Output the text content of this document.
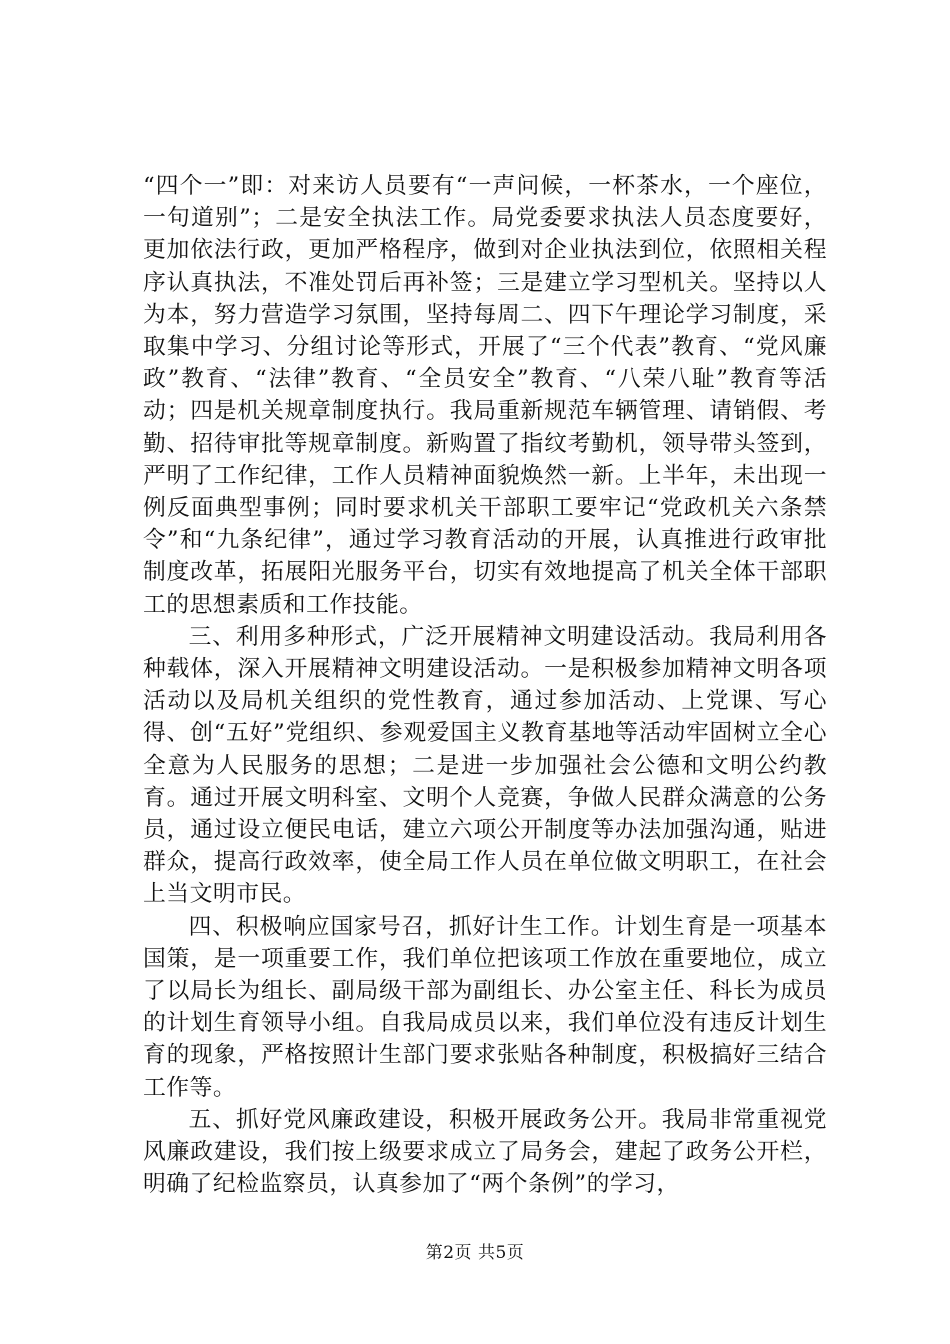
“四个一”即：对来访人员要有“一声问候，一杯茶水，一个座位，一句道别”；二是安全执法工作。局党委要求执法人员态度要好，更加依法行政，更加严格程序，做到对企业执法到位，依照相关程序认真执法，不准处罚后再补签；三是建立学习型机关。坚持以人为本，努力营造学习氛围，坚持每周二、四下午理论学习制度，采取集中学习、分组讨论等形式，开展了“三个代表”教育、“党风廉政”教育、“法律”教育、“全员安全”教育、“八荣八耻”教育等活动；四是机关规章制度执行。我局重新规范车辆管理、请销假、考勤、招待审批等规章制度。新购置了指纹考勤机，领导带头签到，严明了工作纪律，工作人员精神面貌焕然一新。上半年，未出现一例反面典型事例；同时要求机关干部职工要牢记“党政机关六条禁令”和“九条纪律”，通过学习教育活动的开展，认真推进行政审批制度改革，拓展阳光服务平台，切实有效地提高了机关全体干部职工的思想素质和工作技能。

三、利用多种形式，广泛开展精神文明建设活动。我局利用各种载体，深入开展精神文明建设活动。一是积极参加精神文明各项活动以及局机关组织的党性教育，通过参加活动、上党课、写心得、创“五好”党组织、参观爱国主义教育基地等活动牢固树立全心全意为人民服务的思想；二是进一步加强社会公德和文明公约教育。通过开展文明科室、文明个人竞赛，争做人民群众满意的公务员，通过设立便民电话，建立六项公开制度等办法加强沟通，贴进群众，提高行政效率，使全局工作人员在单位做文明职工，在社会上当文明市民。

四、积极响应国家号召，抓好计生工作。计划生育是一项基本国策，是一项重要工作，我们单位把该项工作放在重要地位，成立了以局长为组长、副局级干部为副组长、办公室主任、科长为成员的计划生育领导小组。自我局成员以来，我们单位没有违反计划生育的现象，严格按照计生部门要求张贴各种制度，积极搞好三结合工作等。

五、抓好党风廉政建设，积极开展政务公开。我局非常重视党风廉政建设，我们按上级要求成立了局务会，建起了政务公开栏，明确了纪检监察员，认真参加了“两个条例”的学习，

第2页 共5页
